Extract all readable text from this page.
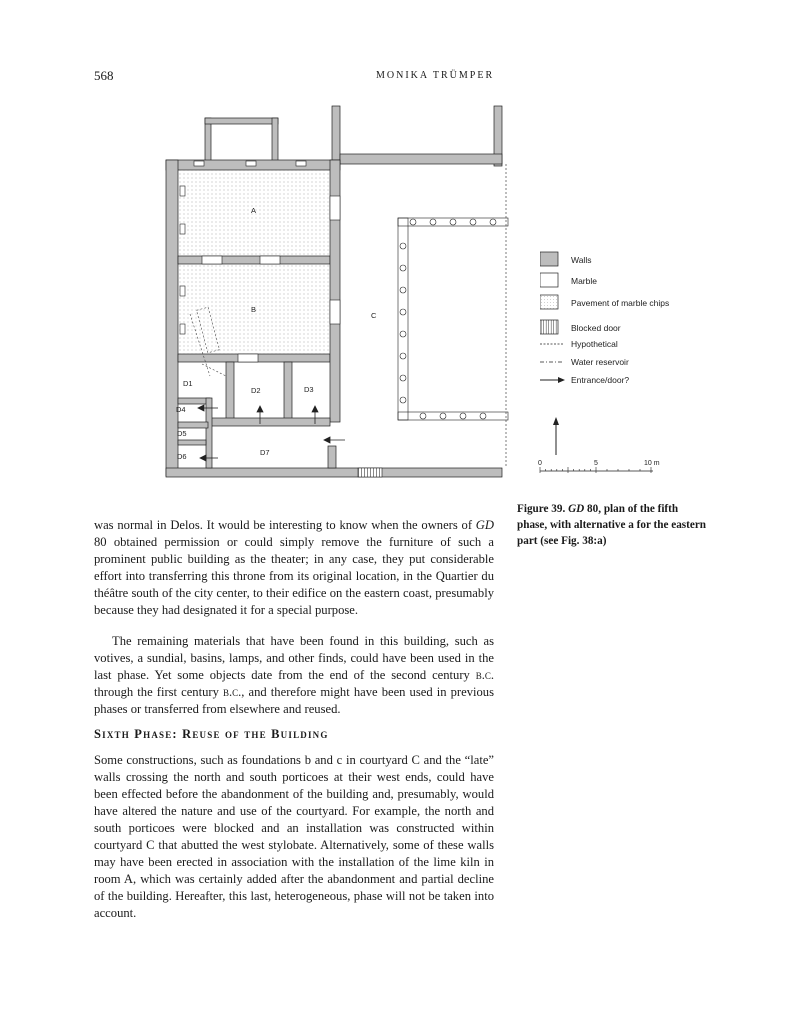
568	MONIKA TRÜMPER
A
B
C
D1
D2	D3
D4
D5
D6	D7
Walls
Marble
Pavement of marble chips
Blocked door
Hypothetical
Water reservoir
Entrance/door?
0	5	10 m
Figure 39. GD 80, plan of the fifth phase, with alternative a for the eastern part (see Fig. 38:a)

was normal in Delos. It would be interesting to know when the owners of GD 80 obtained permission or could simply remove the furniture of such a prominent public building as the theater; in any case, they put considerable effort into transferring this throne from its original location, in the Quartier du théâtre south of the city center, to their edifice on the eastern coast, presumably because they had designated it for a special purpose.

The remaining materials that have been found in this building, such as votives, a sundial, basins, lamps, and other finds, could have been used in the last phase. Yet some objects date from the end of the second century b.c. through the first century b.c., and therefore might have been used in previous phases or transferred from elsewhere and reused.

Sixth Phase: Reuse of the Building

Some constructions, such as foundations b and c in courtyard C and the “late” walls crossing the north and south porticoes at their west ends, could have been effected before the abandonment of the building and, presumably, would have altered the nature and use of the courtyard. For example, the north and south porticoes were blocked and an installation was constructed within courtyard C that abutted the west stylobate. Alternatively, some of these walls may have been erected in association with the installation of the lime kiln in room A, which was certainly added after the abandonment and partial decline of the building. Hereafter, this last, heterogeneous, phase will not be taken into account.
